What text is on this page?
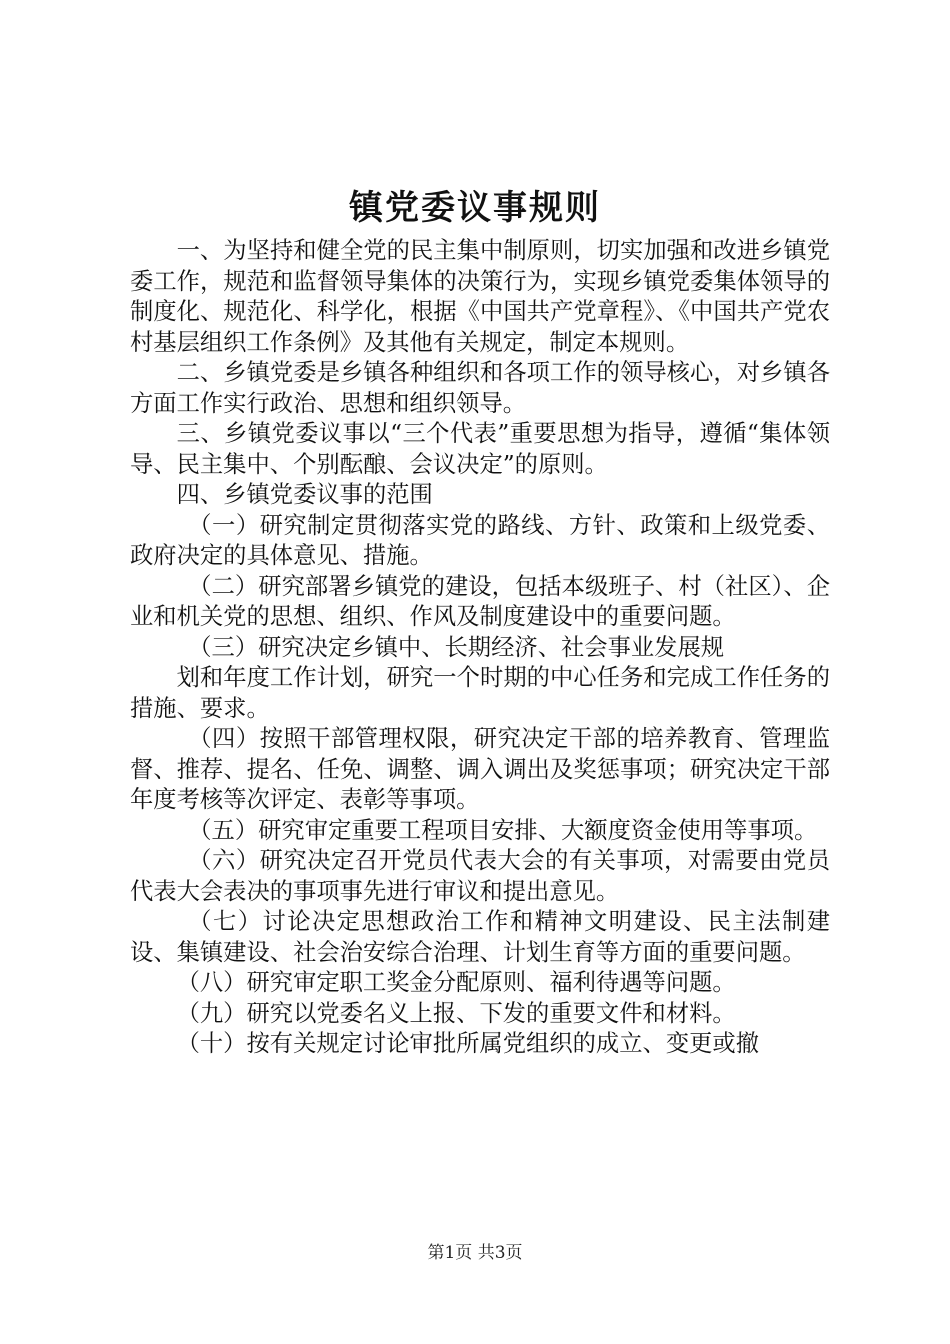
镇党委议事规则

一、为坚持和健全党的民主集中制原则，切实加强和改进乡镇党委工作，规范和监督领导集体的决策行为，实现乡镇党委集体领导的制度化、规范化、科学化，根据《中国共产党章程》、《中国共产党农村基层组织工作条例》及其他有关规定，制定本规则。

二、乡镇党委是乡镇各种组织和各项工作的领导核心，对乡镇各方面工作实行政治、思想和组织领导。

三、乡镇党委议事以“三个代表”重要思想为指导，遵循“集体领导、民主集中、个别酝酿、会议决定”的原则。

四、乡镇党委议事的范围

（一）研究制定贯彻落实党的路线、方针、政策和上级党委、政府决定的具体意见、措施。

（二）研究部署乡镇党的建设，包括本级班子、村（社区）、企业和机关党的思想、组织、作风及制度建设中的重要问题。

（三）研究决定乡镇中、长期经济、社会事业发展规

划和年度工作计划，研究一个时期的中心任务和完成工作任务的措施、要求。

（四）按照干部管理权限，研究决定干部的培养教育、管理监督、推荐、提名、任免、调整、调入调出及奖惩事项；研究决定干部年度考核等次评定、表彰等事项。

（五）研究审定重要工程项目安排、大额度资金使用等事项。

（六）研究决定召开党员代表大会的有关事项，对需要由党员代表大会表决的事项事先进行审议和提出意见。

（七）讨论决定思想政治工作和精神文明建设、民主法制建设、集镇建设、社会治安综合治理、计划生育等方面的重要问题。

（八）研究审定职工奖金分配原则、福利待遇等问题。

（九）研究以党委名义上报、下发的重要文件和材料。

（十）按有关规定讨论审批所属党组织的成立、变更或撤

第1页 共3页
